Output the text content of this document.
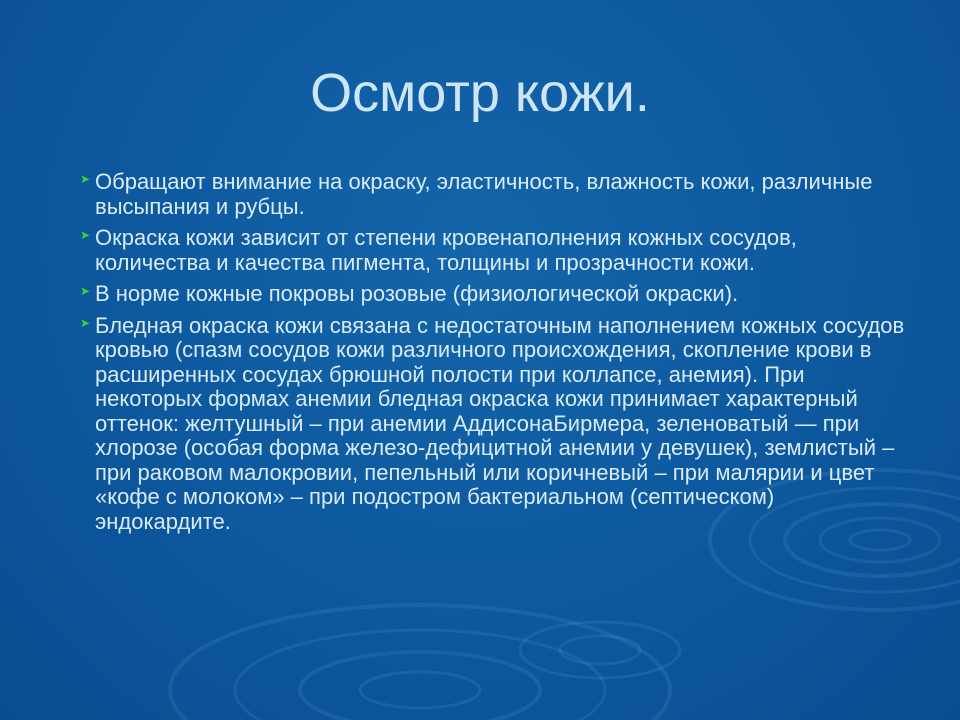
Осмотр кожи.
➤ Обращают внимание на окраску, эластичность, влажность кожи, различные высыпания и рубцы.
➤ Окраска кожи зависит от степени кровенаполнения кожных сосудов, количества и качества пигмента, толщины и прозрачности кожи.
➤ В норме кожные покровы розовые (физиологической окраски).
➤ Бледная окраска кожи связана с недостаточным наполнением кожных сосудов кровью (спазм сосудов кожи различного происхождения, скопление крови в расширенных сосудах брюшной полости при коллапсе, анемия). При некоторых формах анемии бледная окраска кожи принимает характерный оттенок: желтушный – при анемии АддисонаБирмера, зеленоватый — при хлорозе (особая форма железо-дефицитной анемии у девушек), землистый – при раковом малокровии, пепельный или коричневый – при малярии и цвет «кофе с молоком» – при подостром бактериальном (септическом) эндокардите.
